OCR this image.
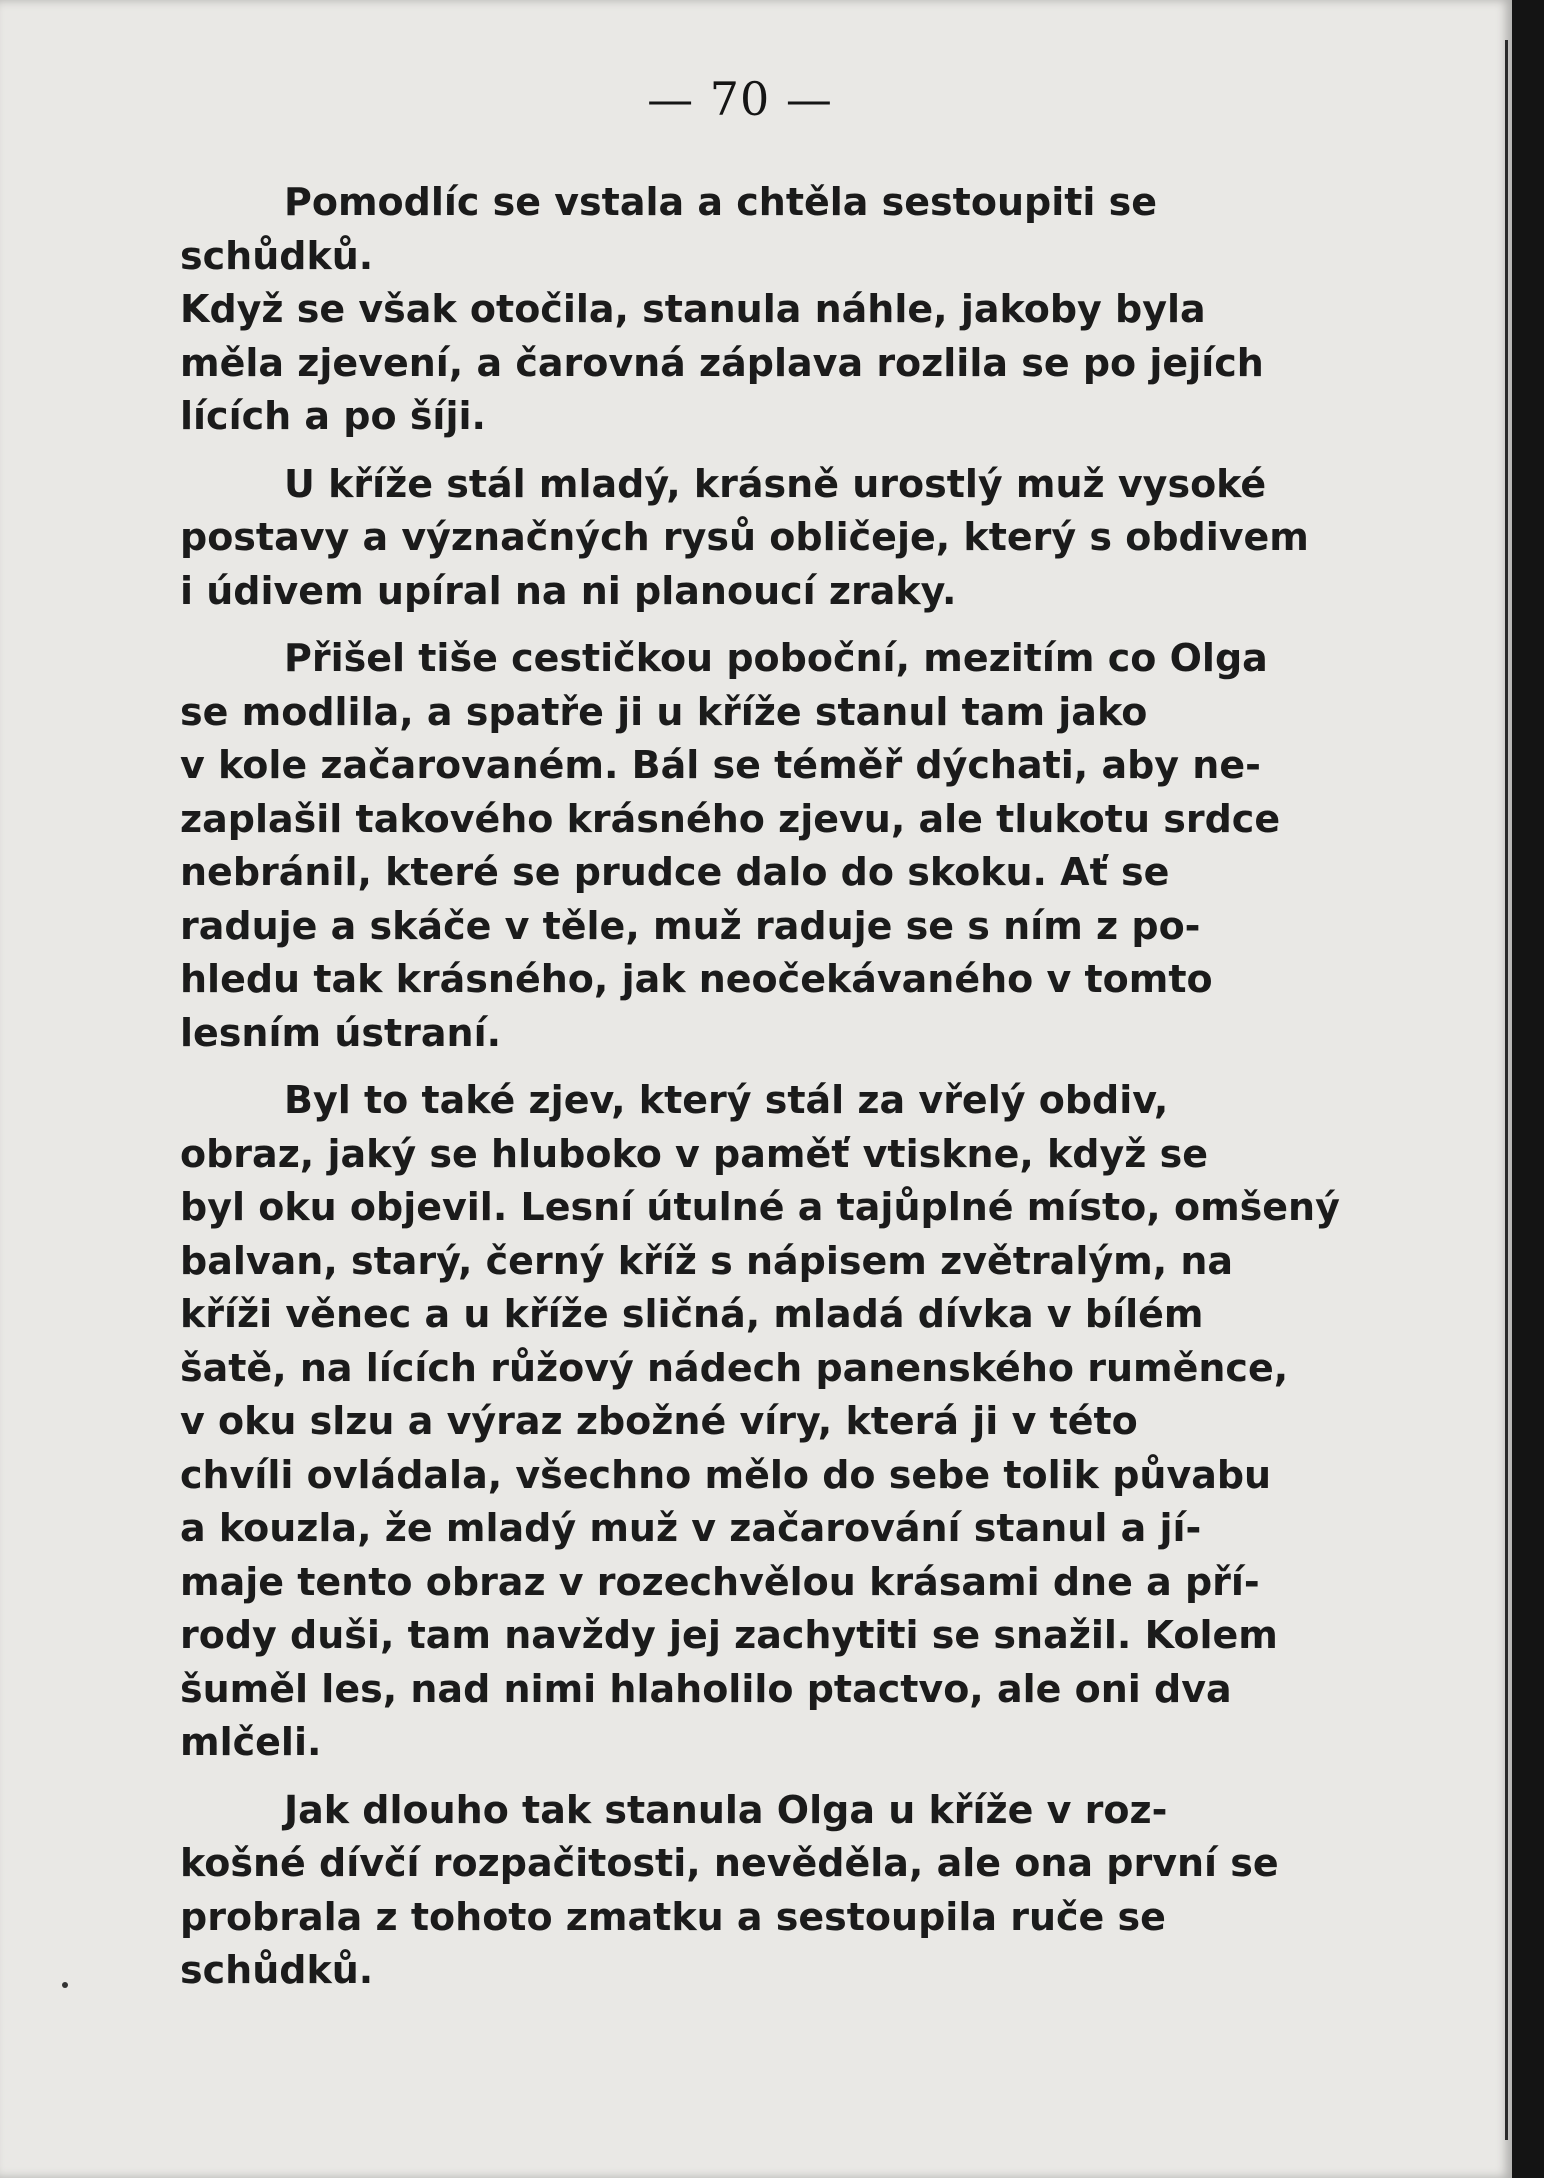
— 70 —

Pomodlíc se vstala a chtěla sestoupiti se schůdků.
Když se však otočila, stanula náhle, jakoby byla
měla zjevení, a čarovná záplava rozlila se po jejích
lících a po šíji.

U kříže stál mladý, krásně urostlý muž vysoké
postavy a význačných rysů obličeje, který s obdivem
i údivem upíral na ni planoucí zraky.

Přišel tiše cestičkou poboční, mezitím co Olga
se modlila, a spatře ji u kříže stanul tam jako
v kole začarovaném. Bál se téměř dýchati, aby ne-
zaplašil takového krásného zjevu, ale tlukotu srdce
nebránil, které se prudce dalo do skoku. Ať se
raduje a skáče v těle, muž raduje se s ním z po-
hledu tak krásného, jak neočekávaného v tomto
lesním ústraní.

Byl to také zjev, který stál za vřelý obdiv,
obraz, jaký se hluboko v paměť vtiskne, když se
byl oku objevil. Lesní útulné a tajůplné místo, omšený
balvan, starý, černý kříž s nápisem zvětralým, na
kříži věnec a u kříže sličná, mladá dívka v bílém
šatě, na lících růžový nádech panenského ruměnce,
v oku slzu a výraz zbožné víry, která ji v této
chvíli ovládala, všechno mělo do sebe tolik půvabu
a kouzla, že mladý muž v začarování stanul a jí-
maje tento obraz v rozechvělou krásami dne a pří-
rody duši, tam navždy jej zachytiti se snažil. Kolem
šuměl les, nad nimi hlaholilo ptactvo, ale oni dva
mlčeli.

Jak dlouho tak stanula Olga u kříže v roz-
košné dívčí rozpačitosti, nevěděla, ale ona první se
probrala z tohoto zmatku a sestoupila ruče se
schůdků.
